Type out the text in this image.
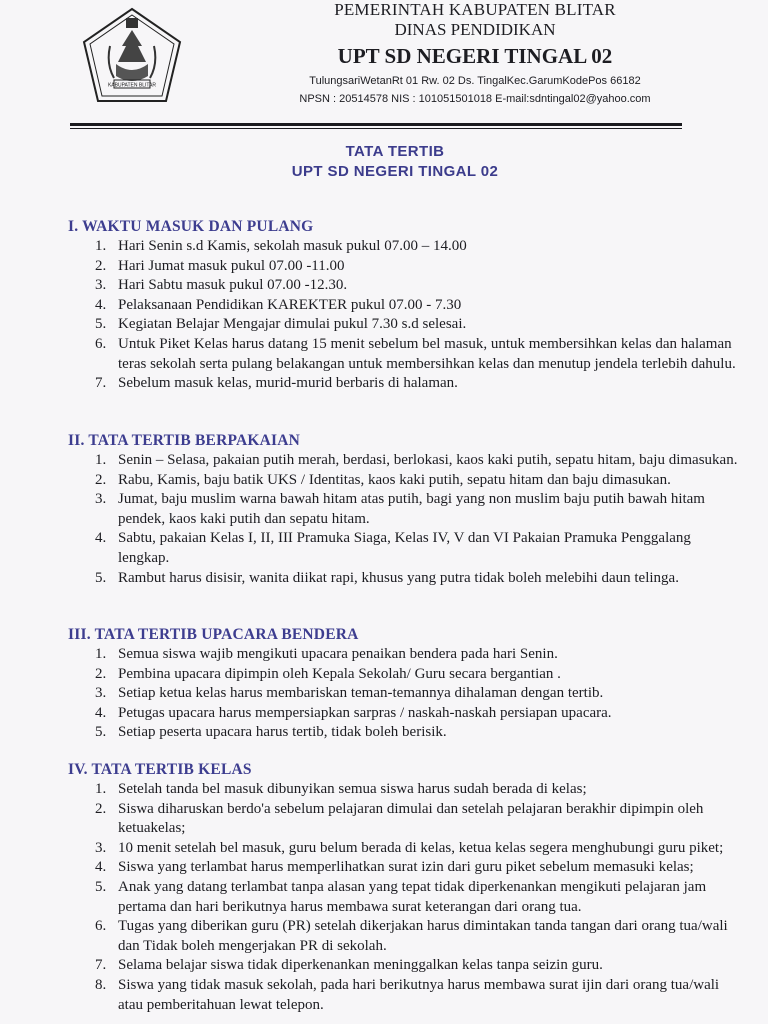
KABUPATEN BLITAR
PEMERINTAH KABUPATEN BLITAR
DINAS PENDIDIKAN
UPT SD NEGERI TINGAL 02
TulungsariWetanRt 01 Rw. 02 Ds. TingalKec.GarumKodePos 66182
NPSN : 20514578 NIS : 101051501018 E-mail:sdntingal02@yahoo.com
TATA TERTIB
UPT SD NEGERI TINGAL 02
I. WAKTU MASUK DAN PULANG
1. Hari Senin s.d Kamis, sekolah masuk pukul 07.00 – 14.00
2. Hari Jumat masuk pukul 07.00 -11.00
3. Hari Sabtu masuk pukul 07.00 -12.30.
4. Pelaksanaan Pendidikan KAREKTER pukul 07.00 - 7.30
5. Kegiatan Belajar Mengajar dimulai pukul 7.30 s.d selesai.
6. Untuk Piket Kelas harus datang 15 menit sebelum bel masuk, untuk membersihkan kelas dan halaman teras sekolah serta pulang belakangan untuk membersihkan kelas dan menutup jendela terlebih dahulu.
7. Sebelum masuk kelas, murid-murid berbaris di halaman.
II. TATA TERTIB BERPAKAIAN
1. Senin – Selasa, pakaian putih merah, berdasi, berlokasi, kaos kaki putih, sepatu hitam, baju dimasukan.
2. Rabu, Kamis, baju batik UKS / Identitas, kaos kaki putih, sepatu hitam dan baju dimasukan.
3. Jumat, baju muslim warna bawah hitam atas putih, bagi yang non muslim baju putih bawah hitam pendek, kaos kaki putih dan sepatu hitam.
4. Sabtu, pakaian Kelas I, II, III Pramuka Siaga, Kelas IV, V dan VI Pakaian Pramuka Penggalang lengkap.
5. Rambut harus disisir, wanita diikat rapi, khusus yang putra tidak boleh melebihi daun telinga.
III. TATA TERTIB UPACARA BENDERA
1. Semua siswa wajib mengikuti upacara penaikan bendera pada hari Senin.
2. Pembina upacara dipimpin oleh Kepala Sekolah/ Guru secara bergantian .
3. Setiap ketua kelas harus membariskan teman-temannya dihalaman dengan tertib.
4. Petugas upacara harus mempersiapkan sarpras / naskah-naskah persiapan upacara.
5. Setiap peserta upacara harus tertib, tidak boleh berisik.
IV. TATA TERTIB KELAS
1. Setelah tanda bel masuk dibunyikan semua siswa harus sudah berada di kelas;
2. Siswa diharuskan berdo'a sebelum pelajaran dimulai dan setelah pelajaran berakhir dipimpin oleh ketuakelas;
3. 10 menit setelah bel masuk, guru belum berada di kelas, ketua kelas segera menghubungi guru piket;
4. Siswa yang terlambat harus memperlihatkan surat izin dari guru piket sebelum memasuki kelas;
5. Anak yang datang terlambat tanpa alasan yang tepat tidak diperkenankan mengikuti pelajaran jam pertama dan hari berikutnya harus membawa surat keterangan dari orang tua.
6. Tugas yang diberikan guru (PR) setelah dikerjakan harus dimintakan tanda tangan dari orang tua/wali dan Tidak boleh mengerjakan PR di sekolah.
7. Selama belajar siswa tidak diperkenankan meninggalkan kelas tanpa seizin guru.
8. Siswa yang tidak masuk sekolah, pada hari berikutnya harus membawa surat ijin dari orang tua/wali atau pemberitahuan lewat telepon.
